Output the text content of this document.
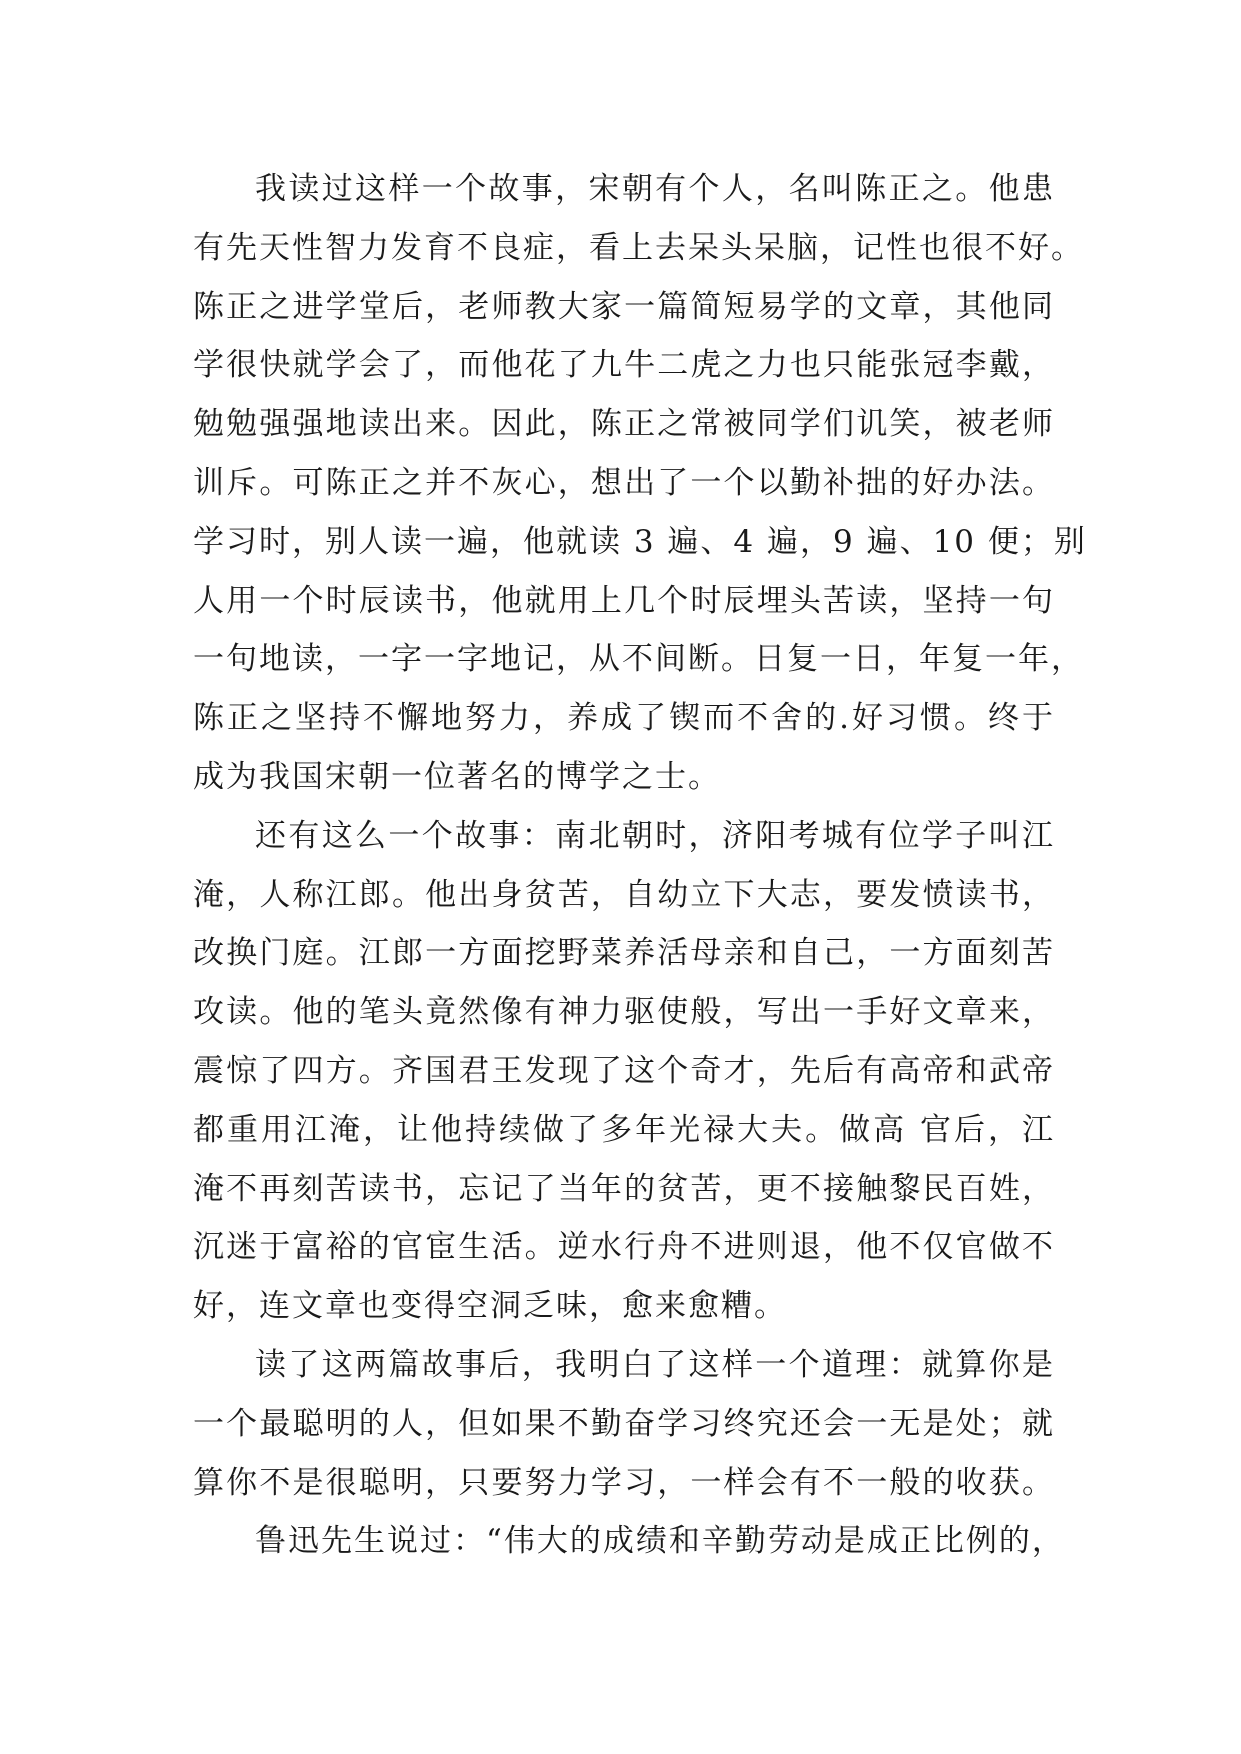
我读过这样一个故事，宋朝有个人，名叫陈正之。他患
有先天性智力发育不良症，看上去呆头呆脑，记性也很不好。
陈正之进学堂后，老师教大家一篇简短易学的文章，其他同
学很快就学会了，而他花了九牛二虎之力也只能张冠李戴，
勉勉强强地读出来。因此，陈正之常被同学们讥笑，被老师
训斥。可陈正之并不灰心，想出了一个以勤补拙的好办法。
学习时，别人读一遍，他就读 3 遍、4 遍，9 遍、10 便；别
人用一个时辰读书，他就用上几个时辰埋头苦读，坚持一句
一句地读，一字一字地记，从不间断。日复一日，年复一年，
陈正之坚持不懈地努力，养成了锲而不舍的.好习惯。终于
成为我国宋朝一位著名的博学之士。
还有这么一个故事：南北朝时，济阳考城有位学子叫江
淹，人称江郎。他出身贫苦，自幼立下大志，要发愤读书，
改换门庭。江郎一方面挖野菜养活母亲和自己，一方面刻苦
攻读。他的笔头竟然像有神力驱使般，写出一手好文章来，
震惊了四方。齐国君王发现了这个奇才，先后有高帝和武帝
都重用江淹，让他持续做了多年光禄大夫。做高 官后，江
淹不再刻苦读书，忘记了当年的贫苦，更不接触黎民百姓，
沉迷于富裕的官宦生活。逆水行舟不进则退，他不仅官做不
好，连文章也变得空洞乏味，愈来愈糟。
读了这两篇故事后，我明白了这样一个道理：就算你是
一个最聪明的人，但如果不勤奋学习终究还会一无是处；就
算你不是很聪明，只要努力学习，一样会有不一般的收获。
鲁迅先生说过：“伟大的成绩和辛勤劳动是成正比例的，
